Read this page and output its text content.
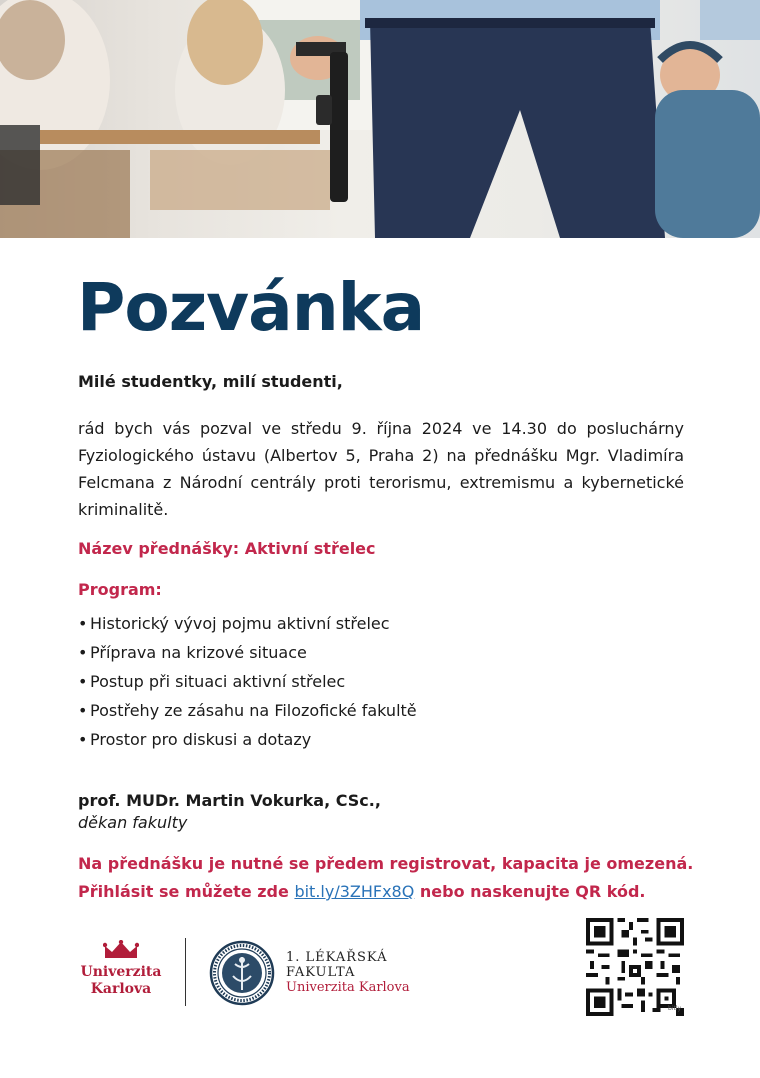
Pozvánka
Milé studentky, milí studenti,

rád bych vás pozval ve středu 9. října 2024 ve 14.30 do posluchárny Fyziologického ústavu (Albertov 5, Praha 2) na přednášku Mgr. Vladimíra Felcmana z Národní centrály proti terorismu, extremismu a kybernetické kriminalitě.

Název přednášky: Aktivní střelec
Program:
• Historický vývoj pojmu aktivní střelec
• Příprava na krizové situace
• Postup při situaci aktivní střelec
• Postřehy ze zásahu na Filozofické fakultě
• Prostor pro diskusi a dotazy
prof. MUDr. Martin Vokurka, CSc.,
děkan fakulty
Na přednášku je nutné se předem registrovat, kapacita je omezená.
Přihlásit se můžete zde bit.ly/3ZHFx8Q nebo naskenujte QR kód.
Univerzita
Karlova
1. LÉKAŘSKÁ
FAKULTA
Univerzita Karlova
bitly
